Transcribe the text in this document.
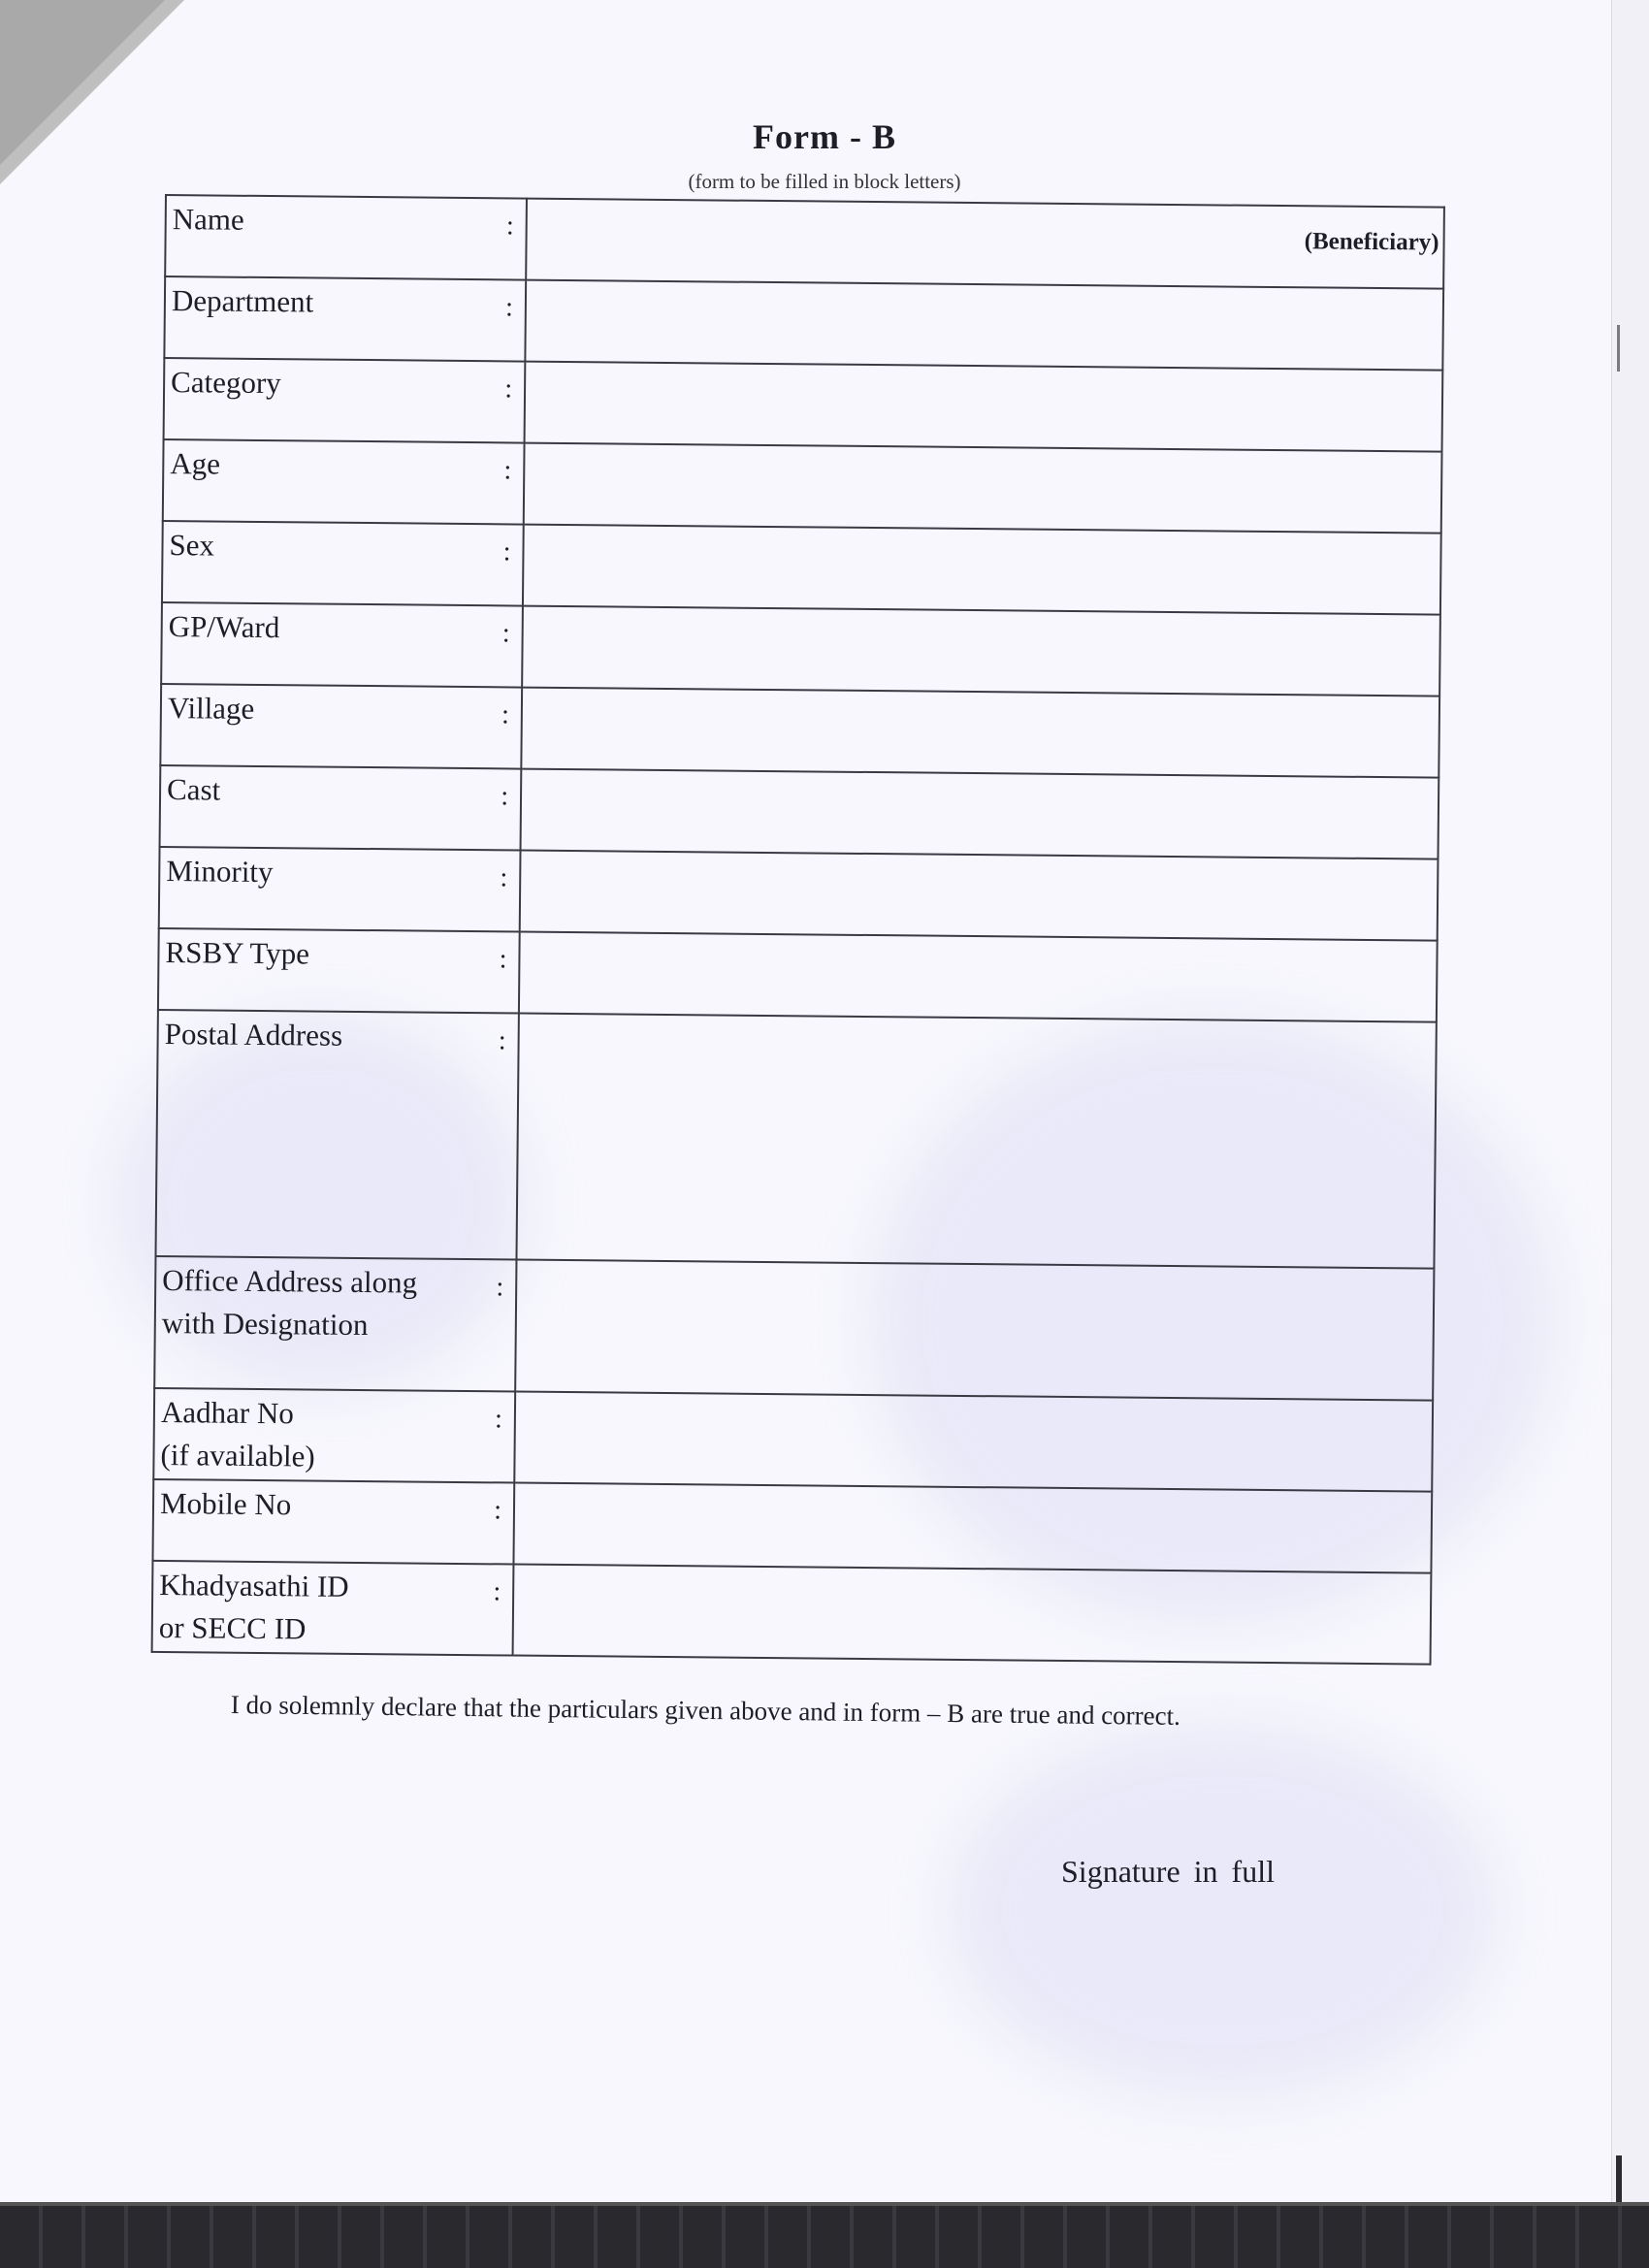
Form - B
(form to be filled in block letters)
Name :	(Beneficiary)

Department :	

Category :	

Age :	

Sex :	

GP/Ward :	

Village :	

Cast :	

Minority :	

RSBY Type :	

Postal Address :	

Office Address along
with Designation
:	

Aadhar No
(if available)
:	

Mobile No :	

Khadyasathi ID
or SECC ID
:	

I do solemnly declare that the particulars given above and in form – B are true and correct.
Signature in full
